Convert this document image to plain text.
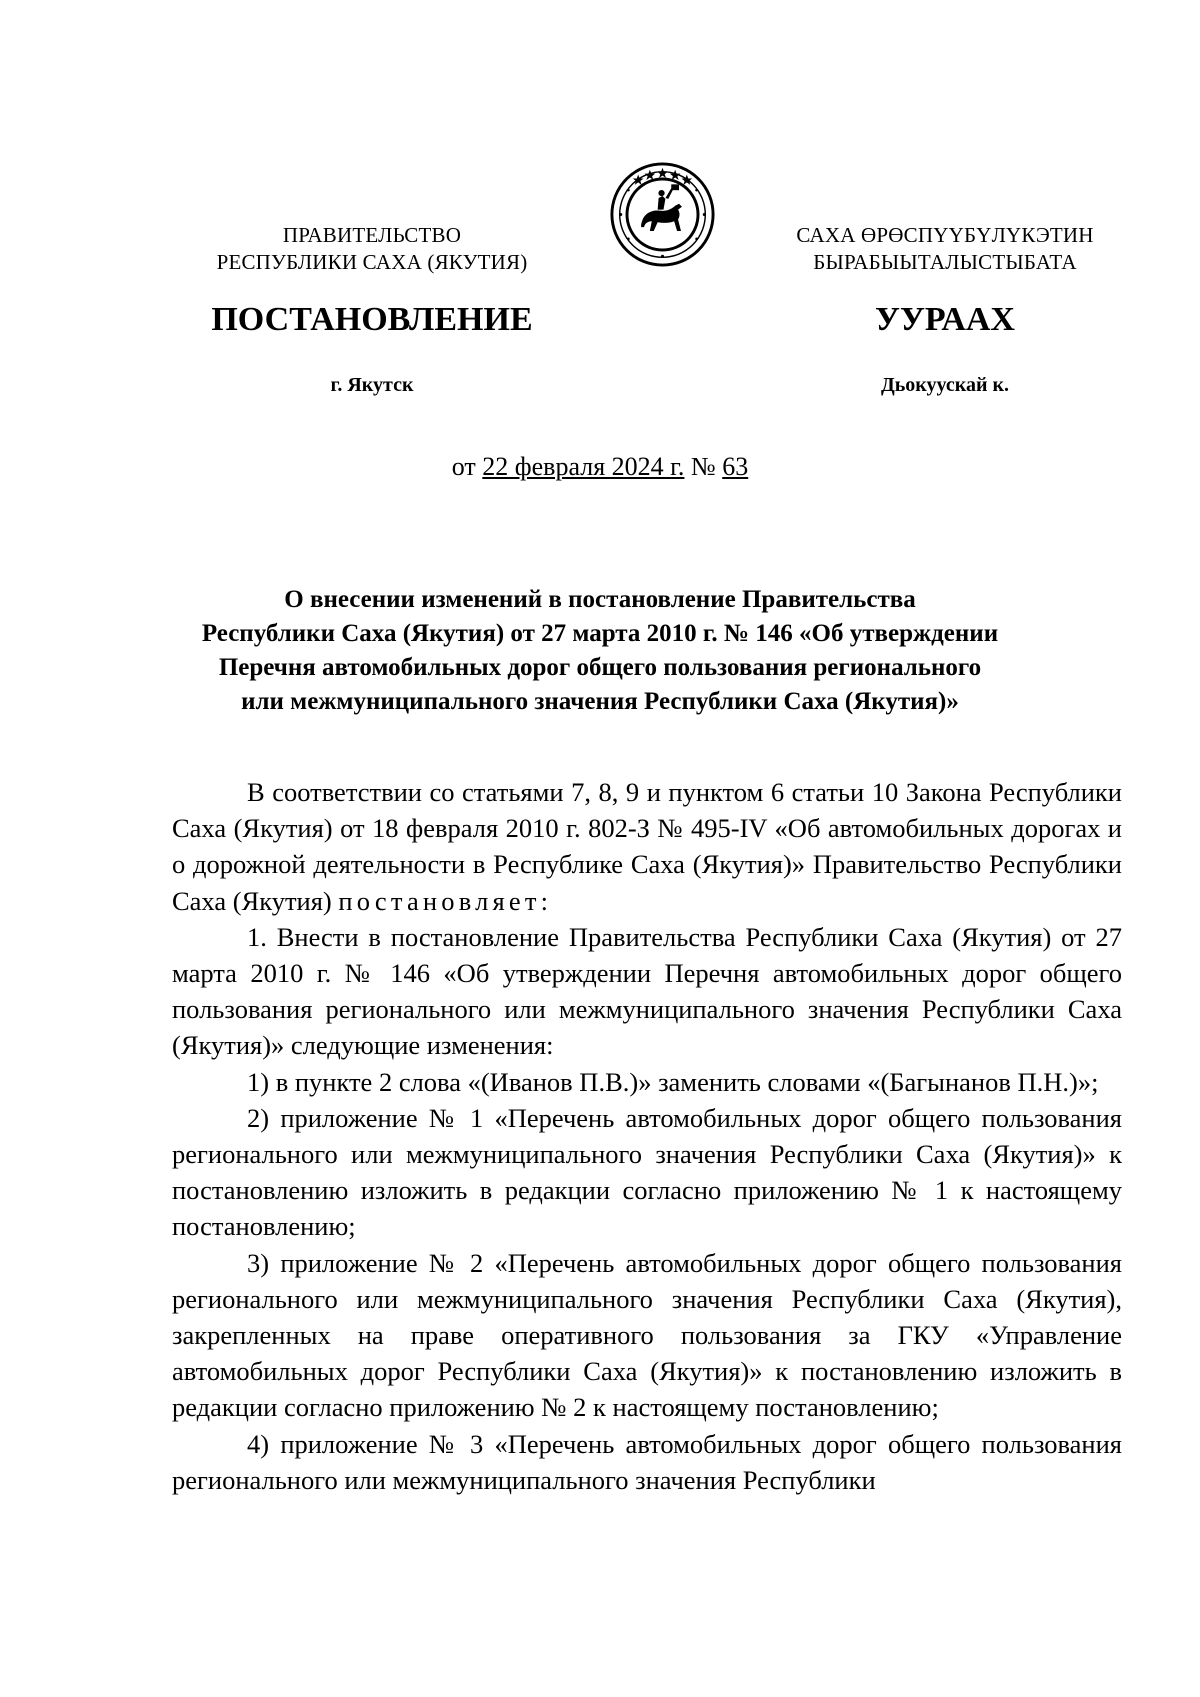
ПРАВИТЕЛЬСТВО
РЕСПУБЛИКИ САХА (ЯКУТИЯ)
САХА ӨРӨСПҮҮБҮЛҮКЭТИН
БЫРАБЫЫТАЛЫСТЫБАТА
ПОСТАНОВЛЕНИЕ	УУРААХ
г. Якутск	Дьокуускай к.
от 22 февраля 2024 г. № 63
О внесении изменений в постановление Правительства
Республики Саха (Якутия) от 27 марта 2010 г. № 146 «Об утверждении
Перечня автомобильных дорог общего пользования регионального
или межмуниципального значения Республики Саха (Якутия)»

В соответствии со статьями 7, 8, 9 и пунктом 6 статьи 10 Закона Республики Саха (Якутия) от 18 февраля 2010 г. 802-З № 495-IV «Об автомобильных дорогах и о дорожной деятельности в Республике Саха (Якутия)» Правительство Республики Саха (Якутия) постановляет:

1. Внести в постановление Правительства Республики Саха (Якутия) от 27 марта 2010 г. № 146 «Об утверждении Перечня автомобильных дорог общего пользования регионального или межмуниципального значения Республики Саха (Якутия)» следующие изменения:

1) в пункте 2 слова «(Иванов П.В.)» заменить словами «(Багынанов П.Н.)»;

2) приложение № 1 «Перечень автомобильных дорог общего пользования регионального или межмуниципального значения Республики Саха (Якутия)» к постановлению изложить в редакции согласно приложению № 1 к настоящему постановлению;

3) приложение № 2 «Перечень автомобильных дорог общего пользования регионального или межмуниципального значения Республики Саха (Якутия), закрепленных на праве оперативного пользования за ГКУ «Управление автомобильных дорог Республики Саха (Якутия)» к постановлению изложить в редакции согласно приложению № 2 к настоящему постановлению;

4) приложение № 3 «Перечень автомобильных дорог общего пользования регионального или межмуниципального значения Республики
